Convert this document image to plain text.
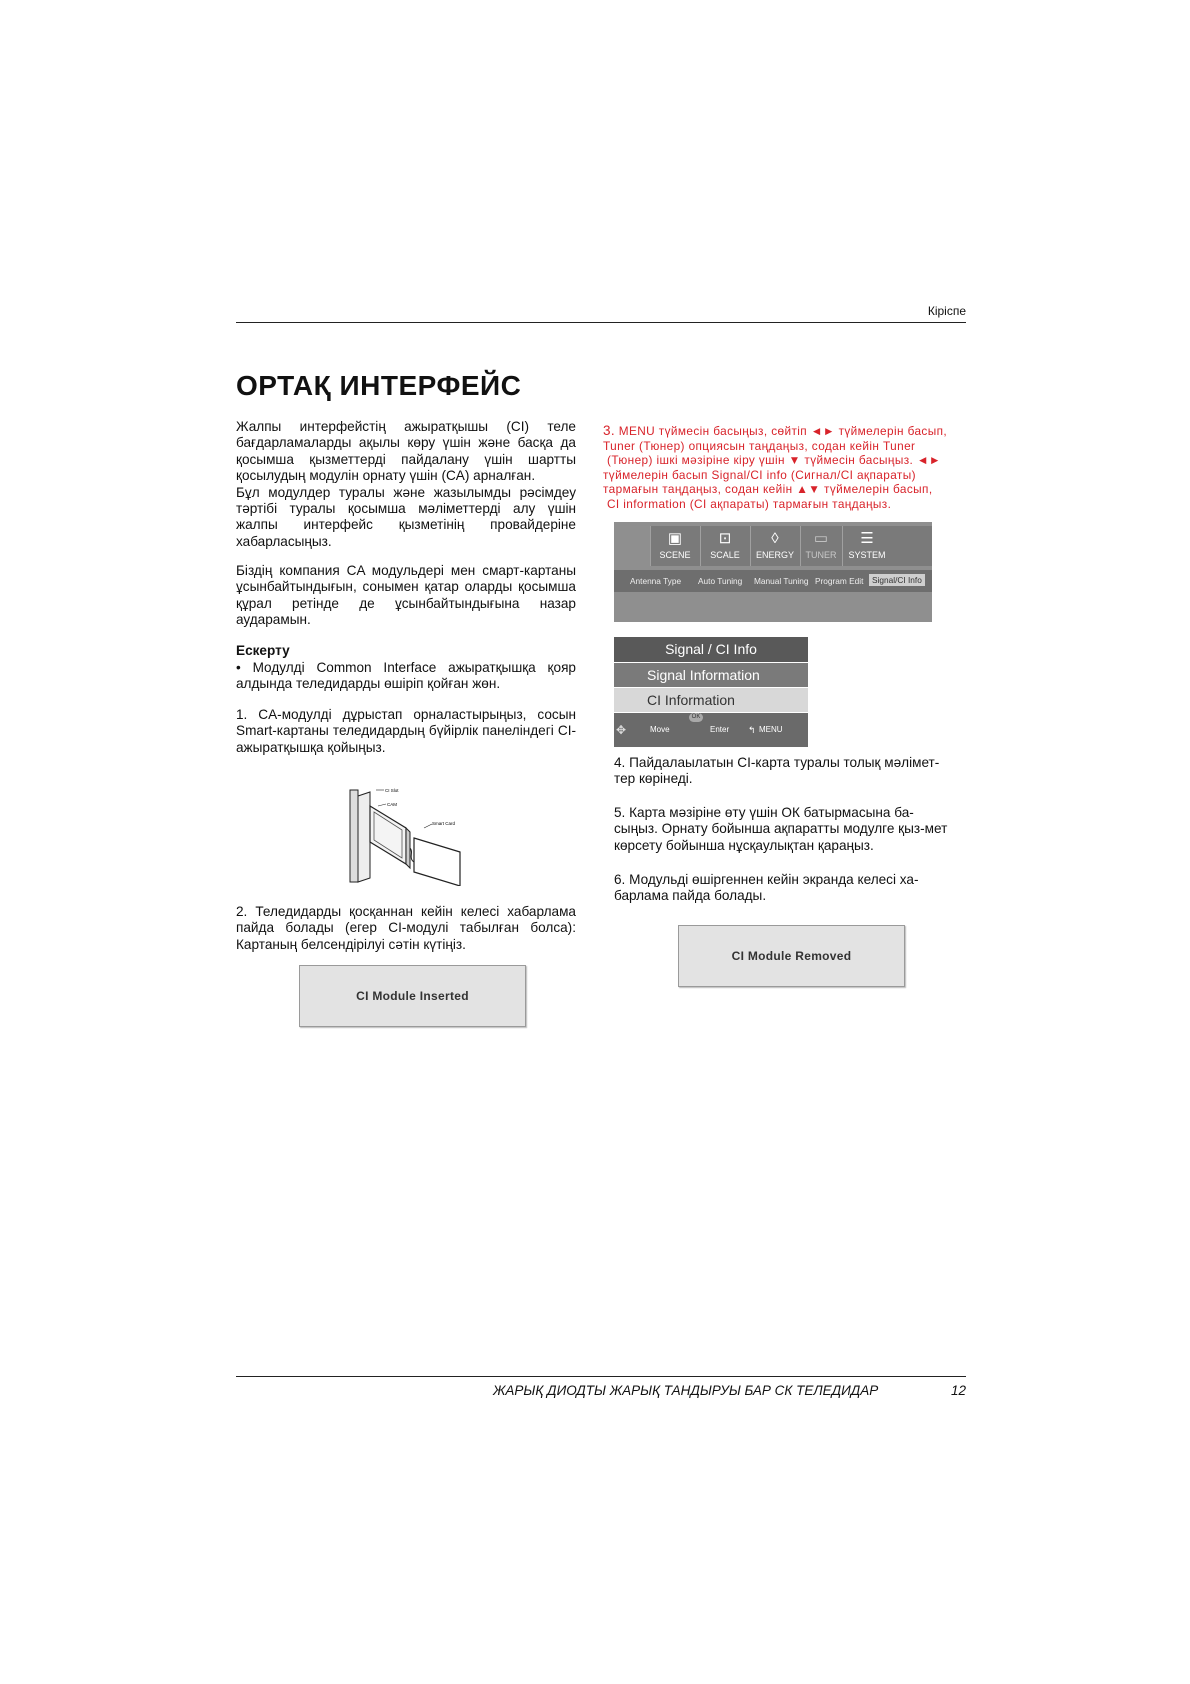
Кіріспе
ОРТАҚ ИНТЕРФЕЙС

Жалпы интерфейстің ажыратқышы (CI) теле бағдарламаларды ақылы көру үшін және басқа да қосымша қызметтерді пайдалану үшін шартты қосылудың модулін орнату үшін (CA) арналған.

Бұл модулдер туралы және жазылымды рәсімдеу тәртібі туралы қосымша мәліметтерді алу үшін жалпы интерфейс қызметінің провайдеріне хабарласыңыз.

Біздің компания CA модульдері мен смарт-картаны ұсынбайтындығын, сонымен қатар оларды қосымша құрал ретінде де ұсынбайтындығына назар аударамын.
Ескерту
• Модулді Common Interface ажыратқышқа қояр алдында теледидарды өшіріп қойған жөн.
1. CA-модулді дұрыстап орналастырыңыз, сосын Smart-картаны теледидардың бүйірлік панеліндегі CI-ажыратқышқа қойыңыз.
CI Slot
CAM
Smart Card
2. Теледидарды қосқаннан кейін келесі хабарлама пайда болады (егер CI-модулі табылған болса): Картаның белсендірілуі сәтін күтіңіз.
CI Module Inserted
3. MENU түймесін басыңыз, сөйтіп ◄► түймелерін басып,
Tuner (Тюнер) опциясын таңдаңыз, содан кейін Tuner
(Тюнер) ішкі мәзіріне кіру үшін ▼ түймесін басыңыз. ◄►
түймелерін басып Signal/CI info (Сигнал/CI ақпараты)
тармағын таңдаңыз, содан кейін ▲▼ түймелерін басып,
CI information (CI ақпараты) тармағын таңдаңыз.
▣
SCENE
⊡
SCALE
◊
ENERGY
▭
TUNER
☰
SYSTEM
Antenna Type Auto Tuning Manual Tuning Program Edit	Signal/CI Info
Signal / CI Info
Signal Information
CI Information
✥	Move
OK
Enter ↰ MENU
4. Пайдалаылатын CI-карта туралы толық мәлімет-тер көрінеді.
5. Карта мәзіріне өту үшін ОК батырмасына ба-сыңыз. Орнату бойынша ақпаратты модулге қыз-мет көрсету бойынша нұсқаулықтан қараңыз.
6. Модульді өшіргеннен кейін экранда келесі ха-барлама пайда болады.
CI Module Removed
ЖАРЫҚ ДИОДТЫ ЖАРЫҚ ТАНДЫРУЫ БАР СК ТЕЛЕДИДАР	12
